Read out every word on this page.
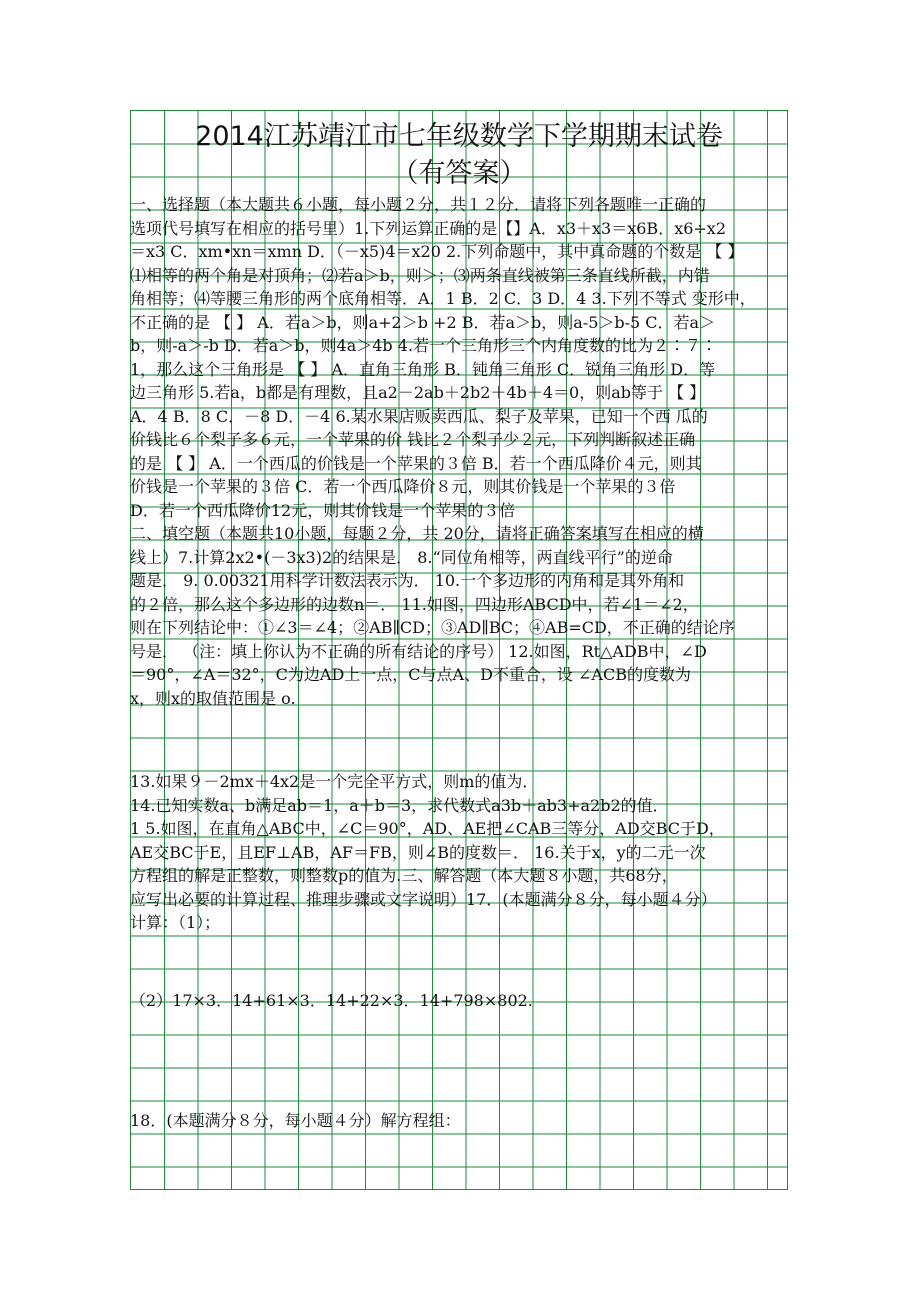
2014江苏靖江市七年级数学下学期期末试卷
（有答案）
一、选择题（本大题共６小题，每小题２分，共１２分．请将下列各题唯一正确的
选项代号填写在相应的括号里）1.下列运算正确的是【】A．x3＋x3＝x6B．x6÷x2
＝x3 C．xm•xn＝xmn D．（－x5)4＝x20 2.下列命题中，其中真命题的个数是 【 】
⑴相等的两个角是对顶角；⑵若a＞b，则＞；⑶两条直线被第三条直线所截，内错
角相等；⑷等腰三角形的两个底角相等．A．1 B．2 C．3 D．4 3.下列不等式 变形中，
不正确的是 【 】 A．若a＞b，则a+2＞b +2 B．若a＞b，则a-5＞b-5 C．若a＞
b，则-a＞-b D．若a＞b，则4a＞4b 4.若一个三角形三个内角度数的比为２∶７∶
1，那么这个三角形是 【 】 A．直角三角形 B．钝角三角形 C．锐角三角形 D．等
边三角形 5.若a，b都是有理数，且a2－2ab＋2b2＋4b＋4＝0，则ab等于 【 】
A．4 B．8 C．－8 D．－4 6.某水果店贩卖西瓜、梨子及苹果，已知一个西 瓜的
价钱比６个梨子多６元，一个苹果的价 钱比２个梨子少２元，下列判断叙述正确
的是 【 】 A．一个西瓜的价钱是一个苹果的３倍 B．若一个西瓜降价４元，则其
价钱是一个苹果的３倍 C．若一个西瓜降价８元，则其价钱是一个苹果的３倍
D．若一个西瓜降价12元，则其价钱是一个苹果的３倍
二、填空题（本题共10小题，每题２分，共 20分，请将正确答案填写在相应的横
线上）7.计算2x2•(－3x3)2的结果是． 8.“同位角相等，两直线平行”的逆命
题是． 9. 0.00321用科学计数法表示为． 10.一个多边形的内角和是其外角和
的２倍，那么这个多边形的边数n＝． 11.如图，四边形ABCD中，若∠1＝∠2，
则在下列结论中：①∠3＝∠4；②AB∥CD；③AD∥BC；④AB=CD，不正确的结论序
号是． （注：填上你认为不正确的所有结论的序号） 12.如图，Rt△ADB中，∠D
＝90°，∠A＝32°，C为边AD上一点，C与点A、D不重合，设 ∠ACB的度数为
x，则x的取值范围是 o.
13.如果９－2mx＋4x2是一个完全平方式，则m的值为．
14.已知实数a、b满足ab＝1，a＋b＝3，求代数式a3b＋ab3+a2b2的值．
1 5.如图，在直角△ABC中，∠C＝90°，AD、AE把∠CAB三等分，AD交BC于D，
AE交BC于E，且EF⊥AB，AF＝FB，则∠B的度数＝． 16.关于x，y的二元一次
方程组的解是正整数，则整数p的值为.三、解答题（本大题８小题，共68分，
应写出必要的计算过程、推理步骤或文字说明）17．(本题满分８分，每小题４分）
计算：（1）；
（2）17×3．14+61×3．14+22×3．14+798×802.
18．(本题满分８分，每小题４分）解方程组：
